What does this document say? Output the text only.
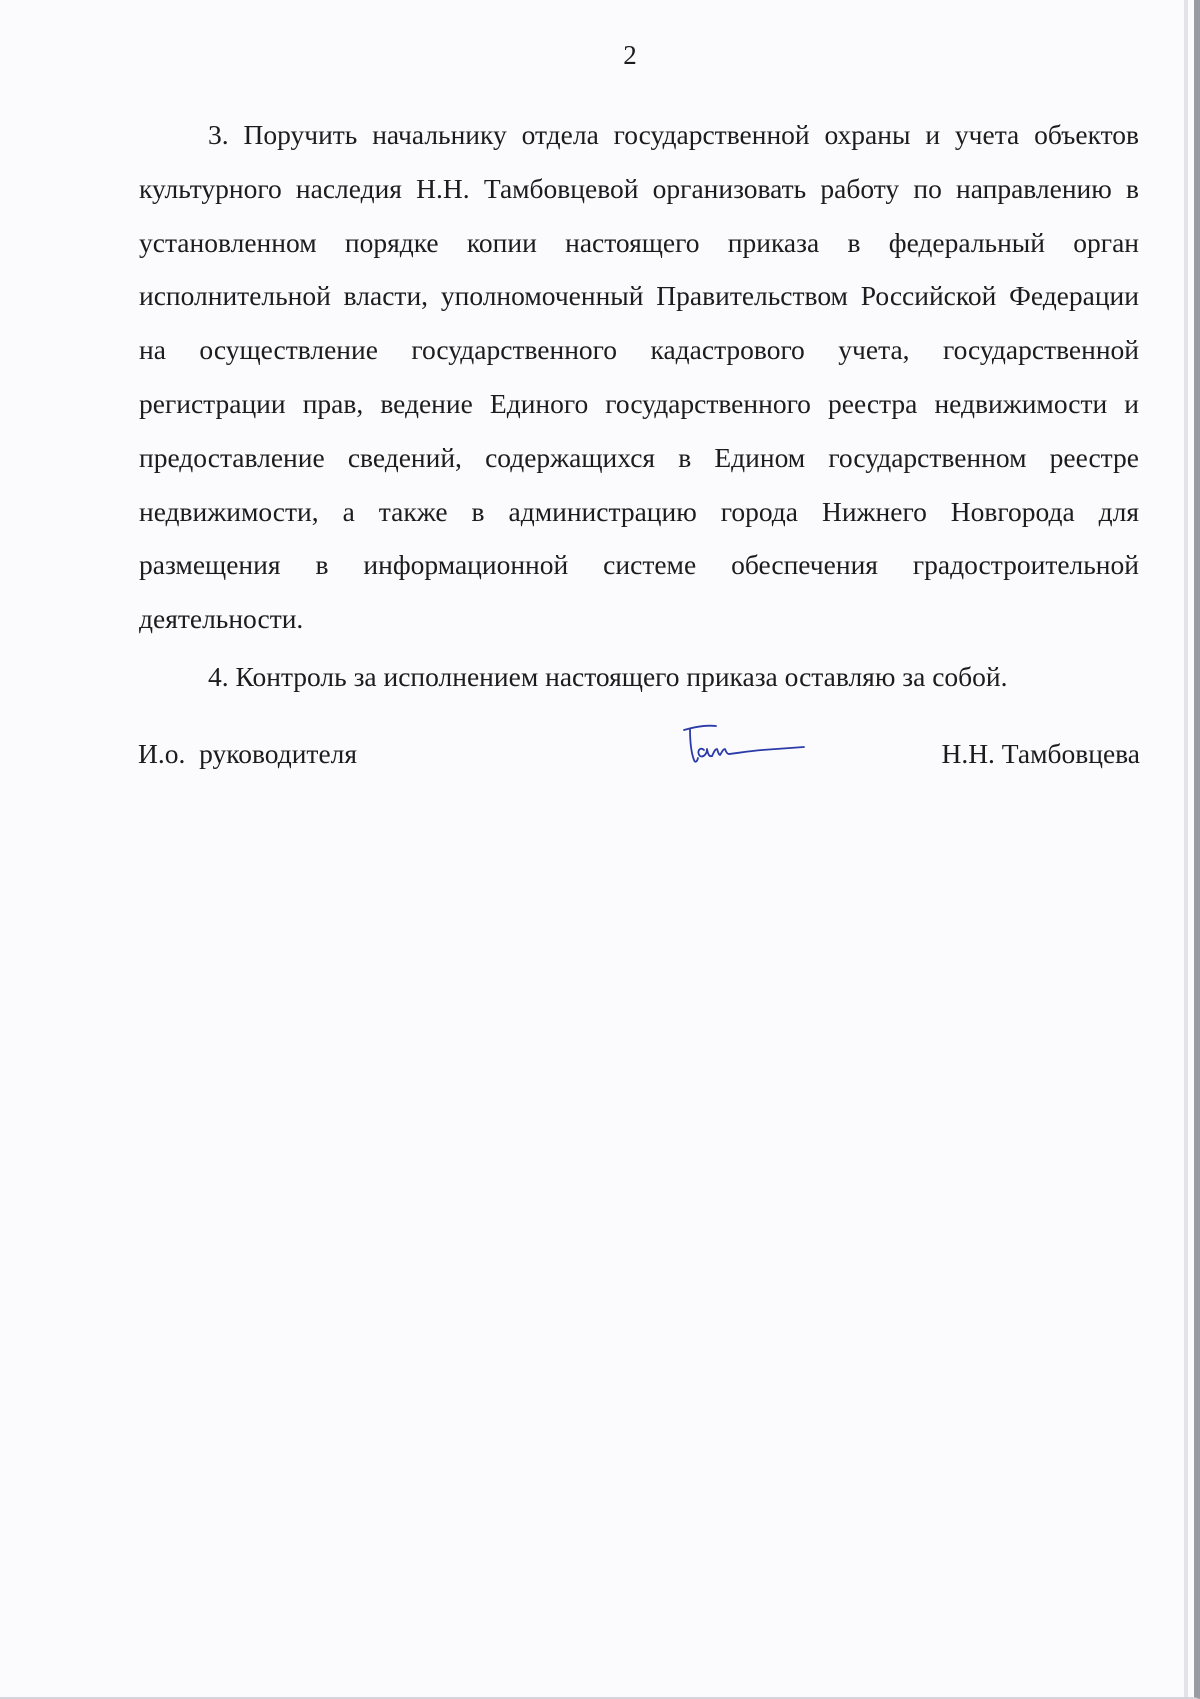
2

3. Поручить начальнику отдела государственной охраны и учета объектов культурного наследия Н.Н. Тамбовцевой организовать работу по направлению в установленном порядке копии настоящего приказа в федеральный орган исполнительной власти, уполномоченный Правительством Российской Федерации на осуществление государственного кадастрового учета, государственной регистрации прав, ведение Единого государственного реестра недвижимости и предоставление сведений, содержащихся в Едином государственном реестре недвижимости, а также в администрацию города Нижнего Новгорода для размещения в информационной системе обеспечения градостроительной деятельности.

4. Контроль за исполнением настоящего приказа оставляю за собой.

И.о.  руководителя	Н.Н. Тамбовцева
